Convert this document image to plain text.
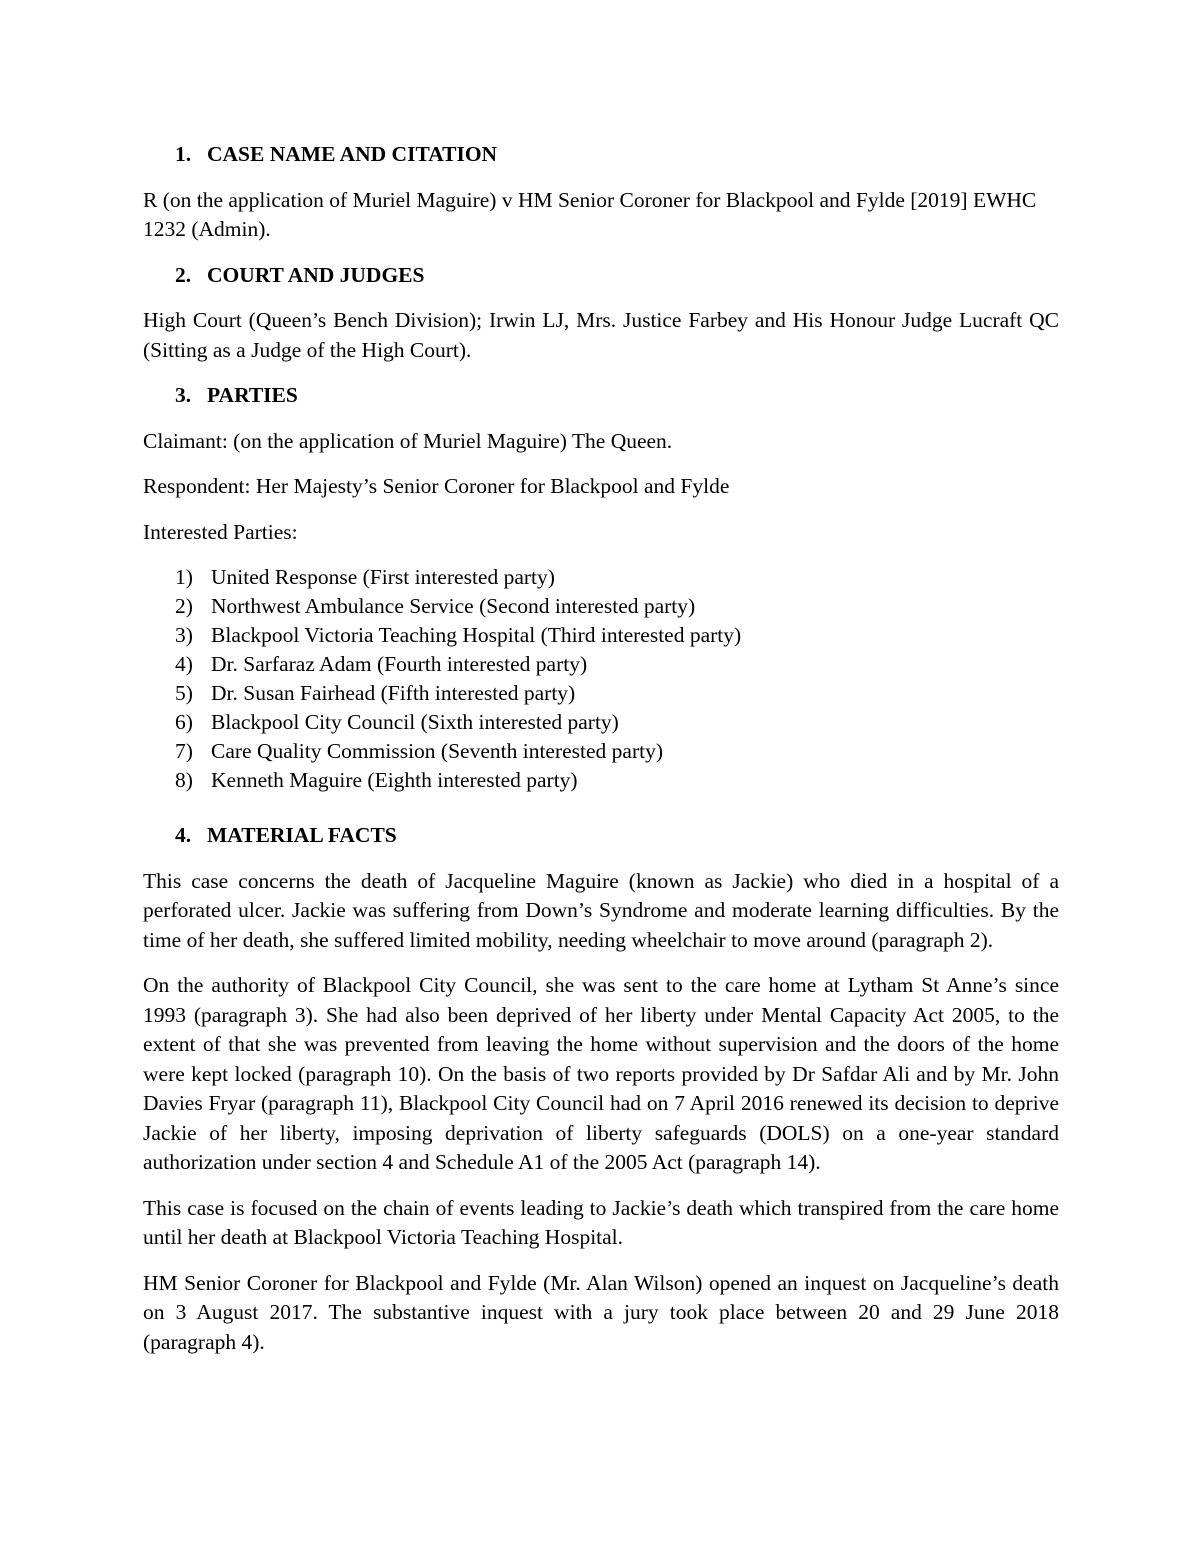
1. CASE NAME AND CITATION

R (on the application of Muriel Maguire) v HM Senior Coroner for Blackpool and Fylde [2019] EWHC 1232 (Admin).

2. COURT AND JUDGES

High Court (Queen’s Bench Division); Irwin LJ, Mrs. Justice Farbey and His Honour Judge Lucraft QC (Sitting as a Judge of the High Court).

3. PARTIES

Claimant: (on the application of Muriel Maguire) The Queen.

Respondent: Her Majesty’s Senior Coroner for Blackpool and Fylde

Interested Parties:

1) United Response (First interested party)
2) Northwest Ambulance Service (Second interested party)
3) Blackpool Victoria Teaching Hospital (Third interested party)
4) Dr. Sarfaraz Adam (Fourth interested party)
5) Dr. Susan Fairhead (Fifth interested party)
6) Blackpool City Council (Sixth interested party)
7) Care Quality Commission (Seventh interested party)
8) Kenneth Maguire (Eighth interested party)
4. MATERIAL FACTS

This case concerns the death of Jacqueline Maguire (known as Jackie) who died in a hospital of a perforated ulcer. Jackie was suffering from Down’s Syndrome and moderate learning difficulties. By the time of her death, she suffered limited mobility, needing wheelchair to move around (paragraph 2).

On the authority of Blackpool City Council, she was sent to the care home at Lytham St Anne’s since 1993 (paragraph 3). She had also been deprived of her liberty under Mental Capacity Act 2005, to the extent of that she was prevented from leaving the home without supervision and the doors of the home were kept locked (paragraph 10). On the basis of two reports provided by Dr Safdar Ali and by Mr. John Davies Fryar (paragraph 11), Blackpool City Council had on 7 April 2016 renewed its decision to deprive Jackie of her liberty, imposing deprivation of liberty safeguards (DOLS) on a one-year standard authorization under section 4 and Schedule A1 of the 2005 Act (paragraph 14).

This case is focused on the chain of events leading to Jackie’s death which transpired from the care home until her death at Blackpool Victoria Teaching Hospital.

HM Senior Coroner for Blackpool and Fylde (Mr. Alan Wilson) opened an inquest on Jacqueline’s death on 3 August 2017. The substantive inquest with a jury took place between 20 and 29 June 2018 (paragraph 4).
